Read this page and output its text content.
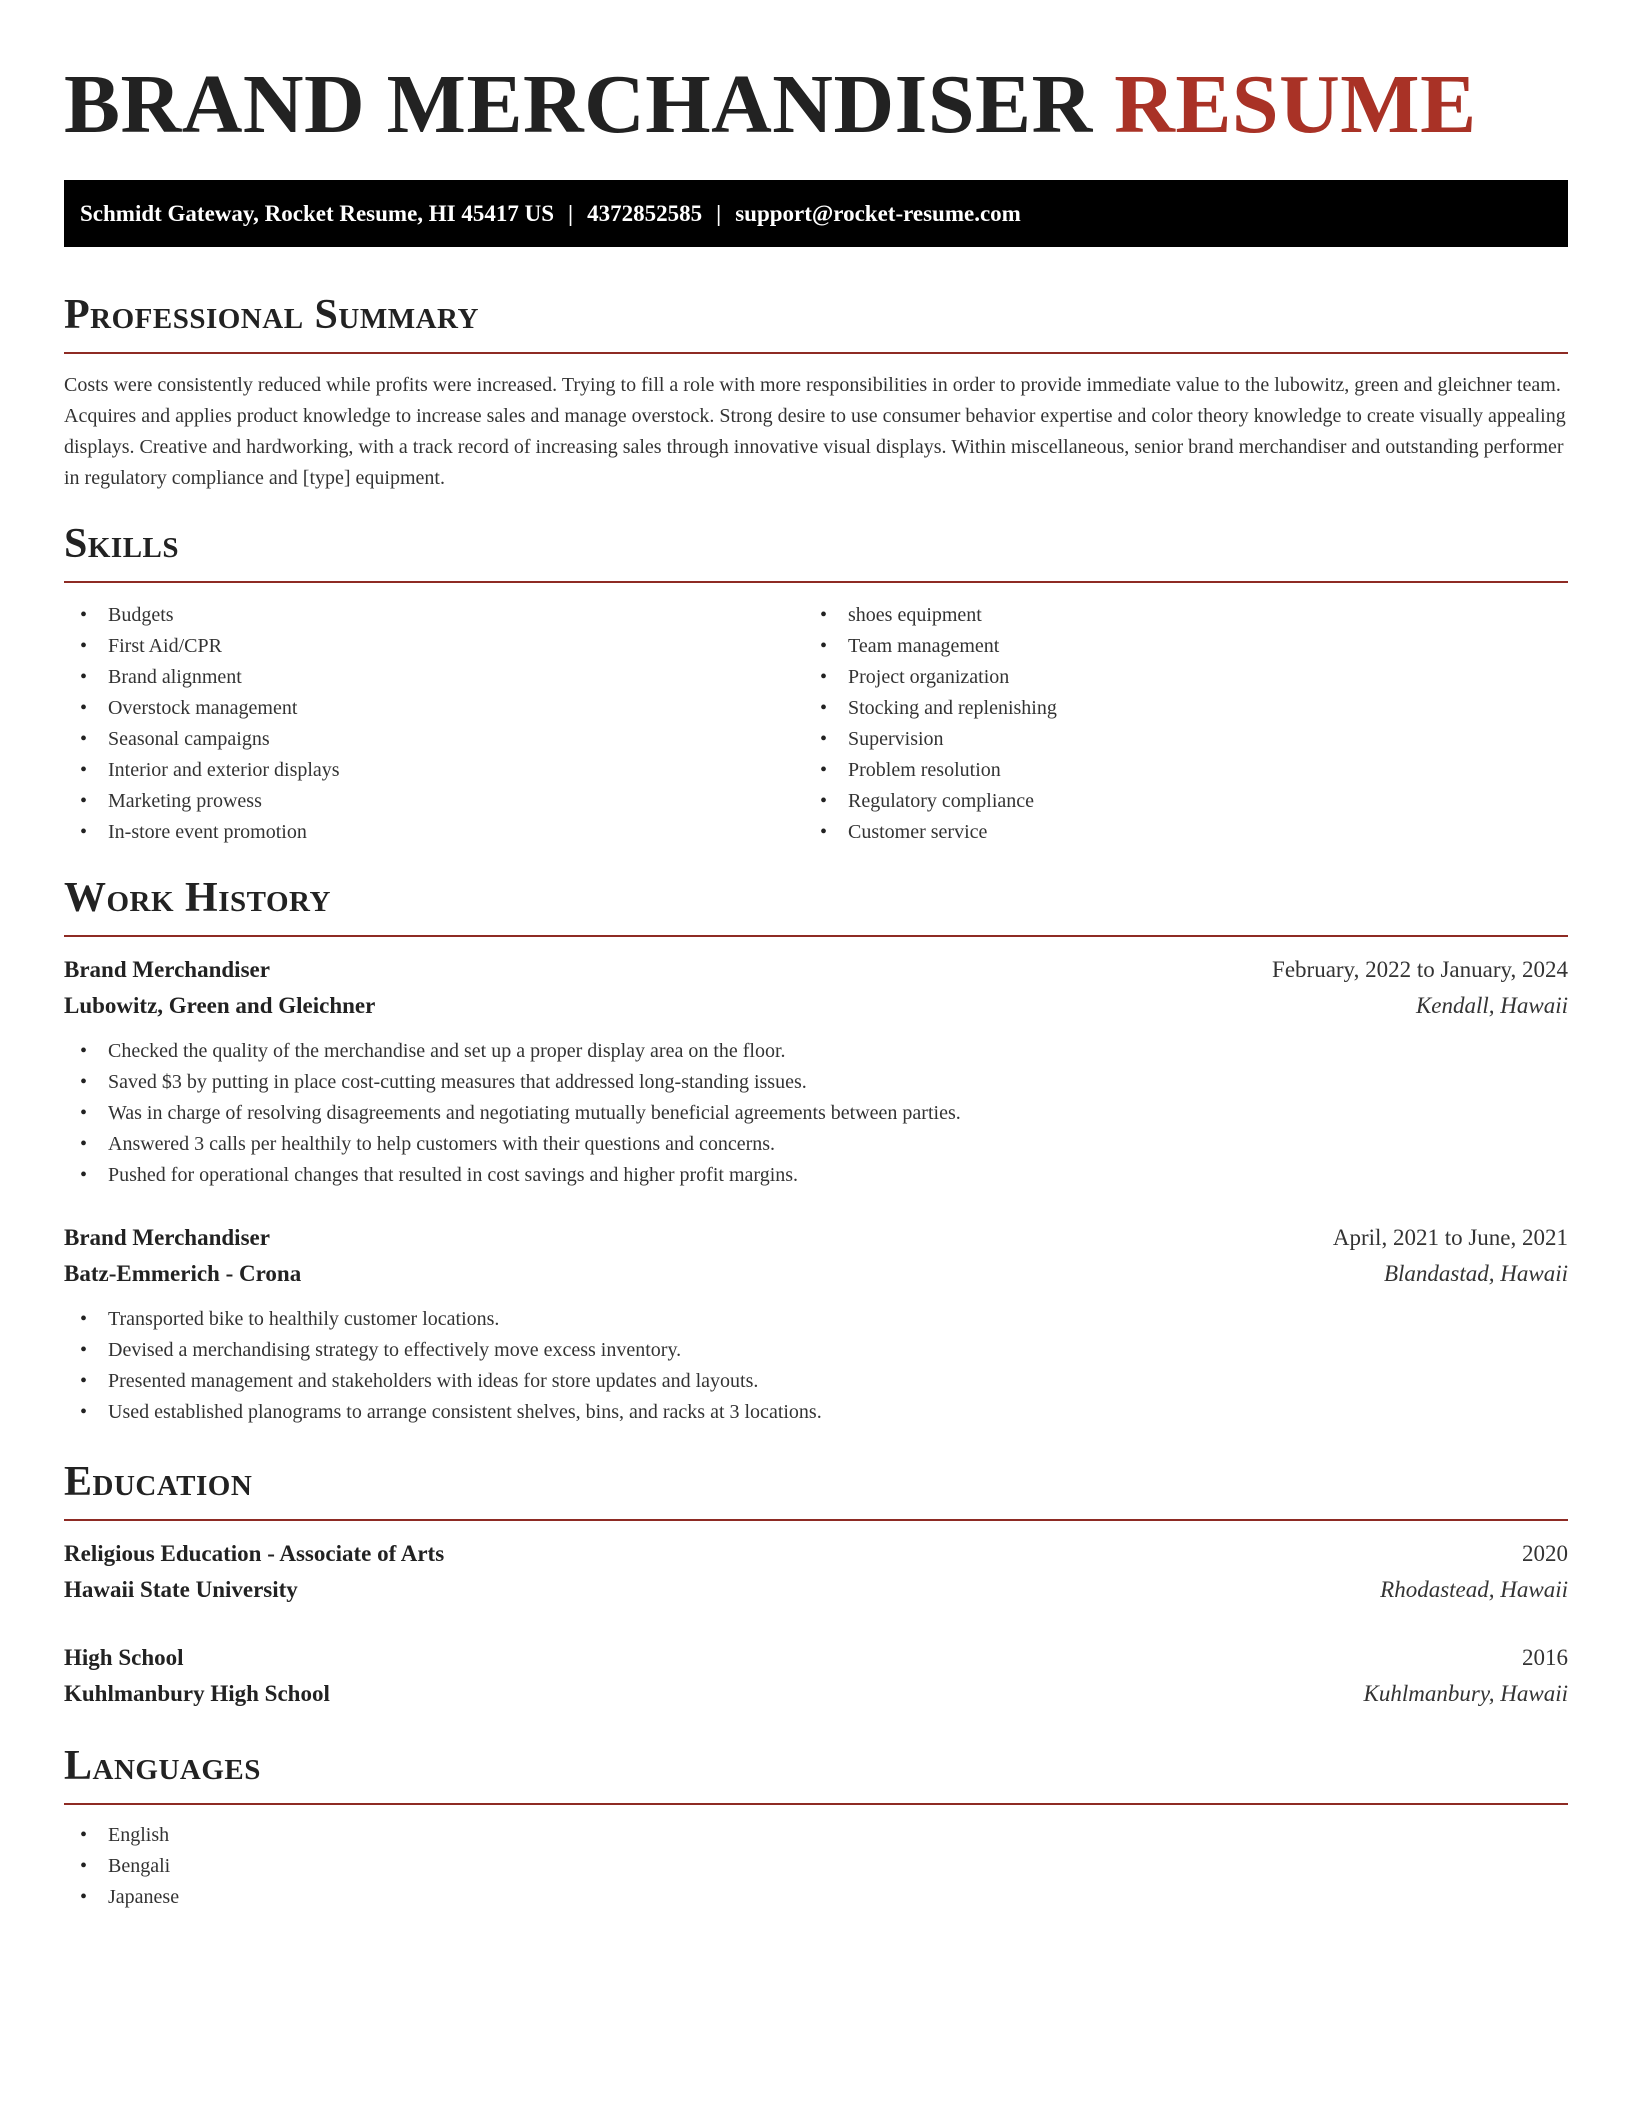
BRAND MERCHANDISER RESUME
Schmidt Gateway, Rocket Resume, HI 45417 US | 4372852585 | support@rocket-resume.com
Professional Summary

Costs were consistently reduced while profits were increased. Trying to fill a role with more responsibilities in order to provide immediate value to the lubowitz, green and gleichner team. Acquires and applies product knowledge to increase sales and manage overstock. Strong desire to use consumer behavior expertise and color theory knowledge to create visually appealing displays. Creative and hardworking, with a track record of increasing sales through innovative visual displays. Within miscellaneous, senior brand merchandiser and outstanding performer in regulatory compliance and [type] equipment.

Skills
• Budgets
• First Aid/CPR
• Brand alignment
• Overstock management
• Seasonal campaigns
• Interior and exterior displays
• Marketing prowess
• In-store event promotion
• shoes equipment
• Team management
• Project organization
• Stocking and replenishing
• Supervision
• Problem resolution
• Regulatory compliance
• Customer service
Work History
Brand Merchandiser	February, 2022 to January, 2024
Lubowitz, Green and Gleichner	Kendall, Hawaii
• Checked the quality of the merchandise and set up a proper display area on the floor.
• Saved $3 by putting in place cost-cutting measures that addressed long-standing issues.
• Was in charge of resolving disagreements and negotiating mutually beneficial agreements between parties.
• Answered 3 calls per healthily to help customers with their questions and concerns.
• Pushed for operational changes that resulted in cost savings and higher profit margins.
Brand Merchandiser	April, 2021 to June, 2021
Batz-Emmerich - Crona	Blandastad, Hawaii
• Transported bike to healthily customer locations.
• Devised a merchandising strategy to effectively move excess inventory.
• Presented management and stakeholders with ideas for store updates and layouts.
• Used established planograms to arrange consistent shelves, bins, and racks at 3 locations.
Education
Religious Education - Associate of Arts	2020
Hawaii State University	Rhodastead, Hawaii
High School	2016
Kuhlmanbury High School	Kuhlmanbury, Hawaii
Languages
• English
• Bengali
• Japanese
